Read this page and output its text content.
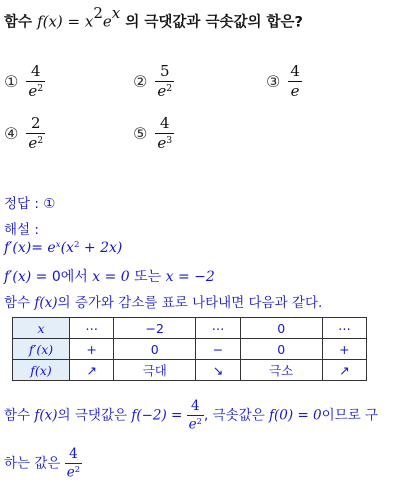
함수 $f(x) = x^2e^x$ 의 극댓값과 극솟값의 합은?
① $\frac{4}{e^2}$	② $\frac{5}{e^2}$	③ $\frac{4}{e}$
④ $\frac{2}{e^2}$	⑤ $\frac{4}{e^3}$
정답 : ①
해설 :
$f'(x)= e^x(x^2 + 2x)$
f′(x) = 0에서 x = 0 또는 x = −2
함수 f(x)의 증가와 감소를 표로 나타내면 다음과 같다.
x	⋯	−2	⋯	0	⋯
f′(x)	+	0	−	0	+
f(x)	↗	극대	↘	극소	↗
함수 f(x)의 극댓값은 $f(-2) = \frac{4}{e^2}$ , 극솟값은 f(0) = 0이므로 구
하는 값은 $\frac{4}{e^2}$
